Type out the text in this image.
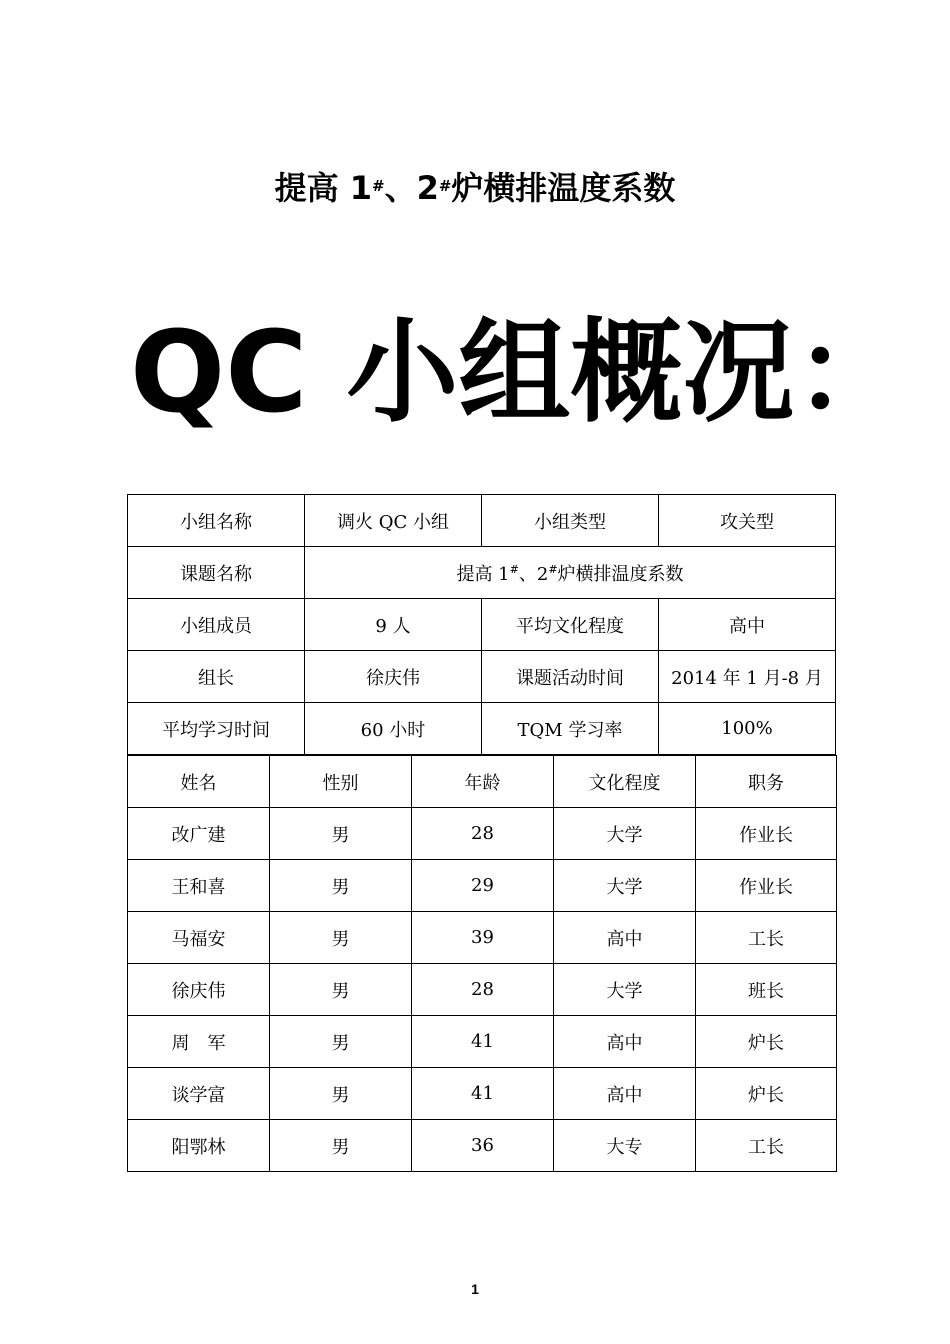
提高 1#、2#炉横排温度系数
QC 小组概况：
小组名称	调火 QC 小组	小组类型	攻关型
课题名称	提高 1#、2#炉横排温度系数		
小组成员	9 人	平均文化程度	高中
组长	徐庆伟	课题活动时间	2014 年 1 月-8 月
平均学习时间	60 小时	TQM 学习率	100%
姓名	性别	年龄	文化程度	职务
改广建	男	28	大学	作业长
王和喜	男	29	大学	作业长
马福安	男	39	高中	工长
徐庆伟	男	28	大学	班长
周　军	男	41	高中	炉长
谈学富	男	41	高中	炉长
阳鄂林	男	36	大专	工长
1
